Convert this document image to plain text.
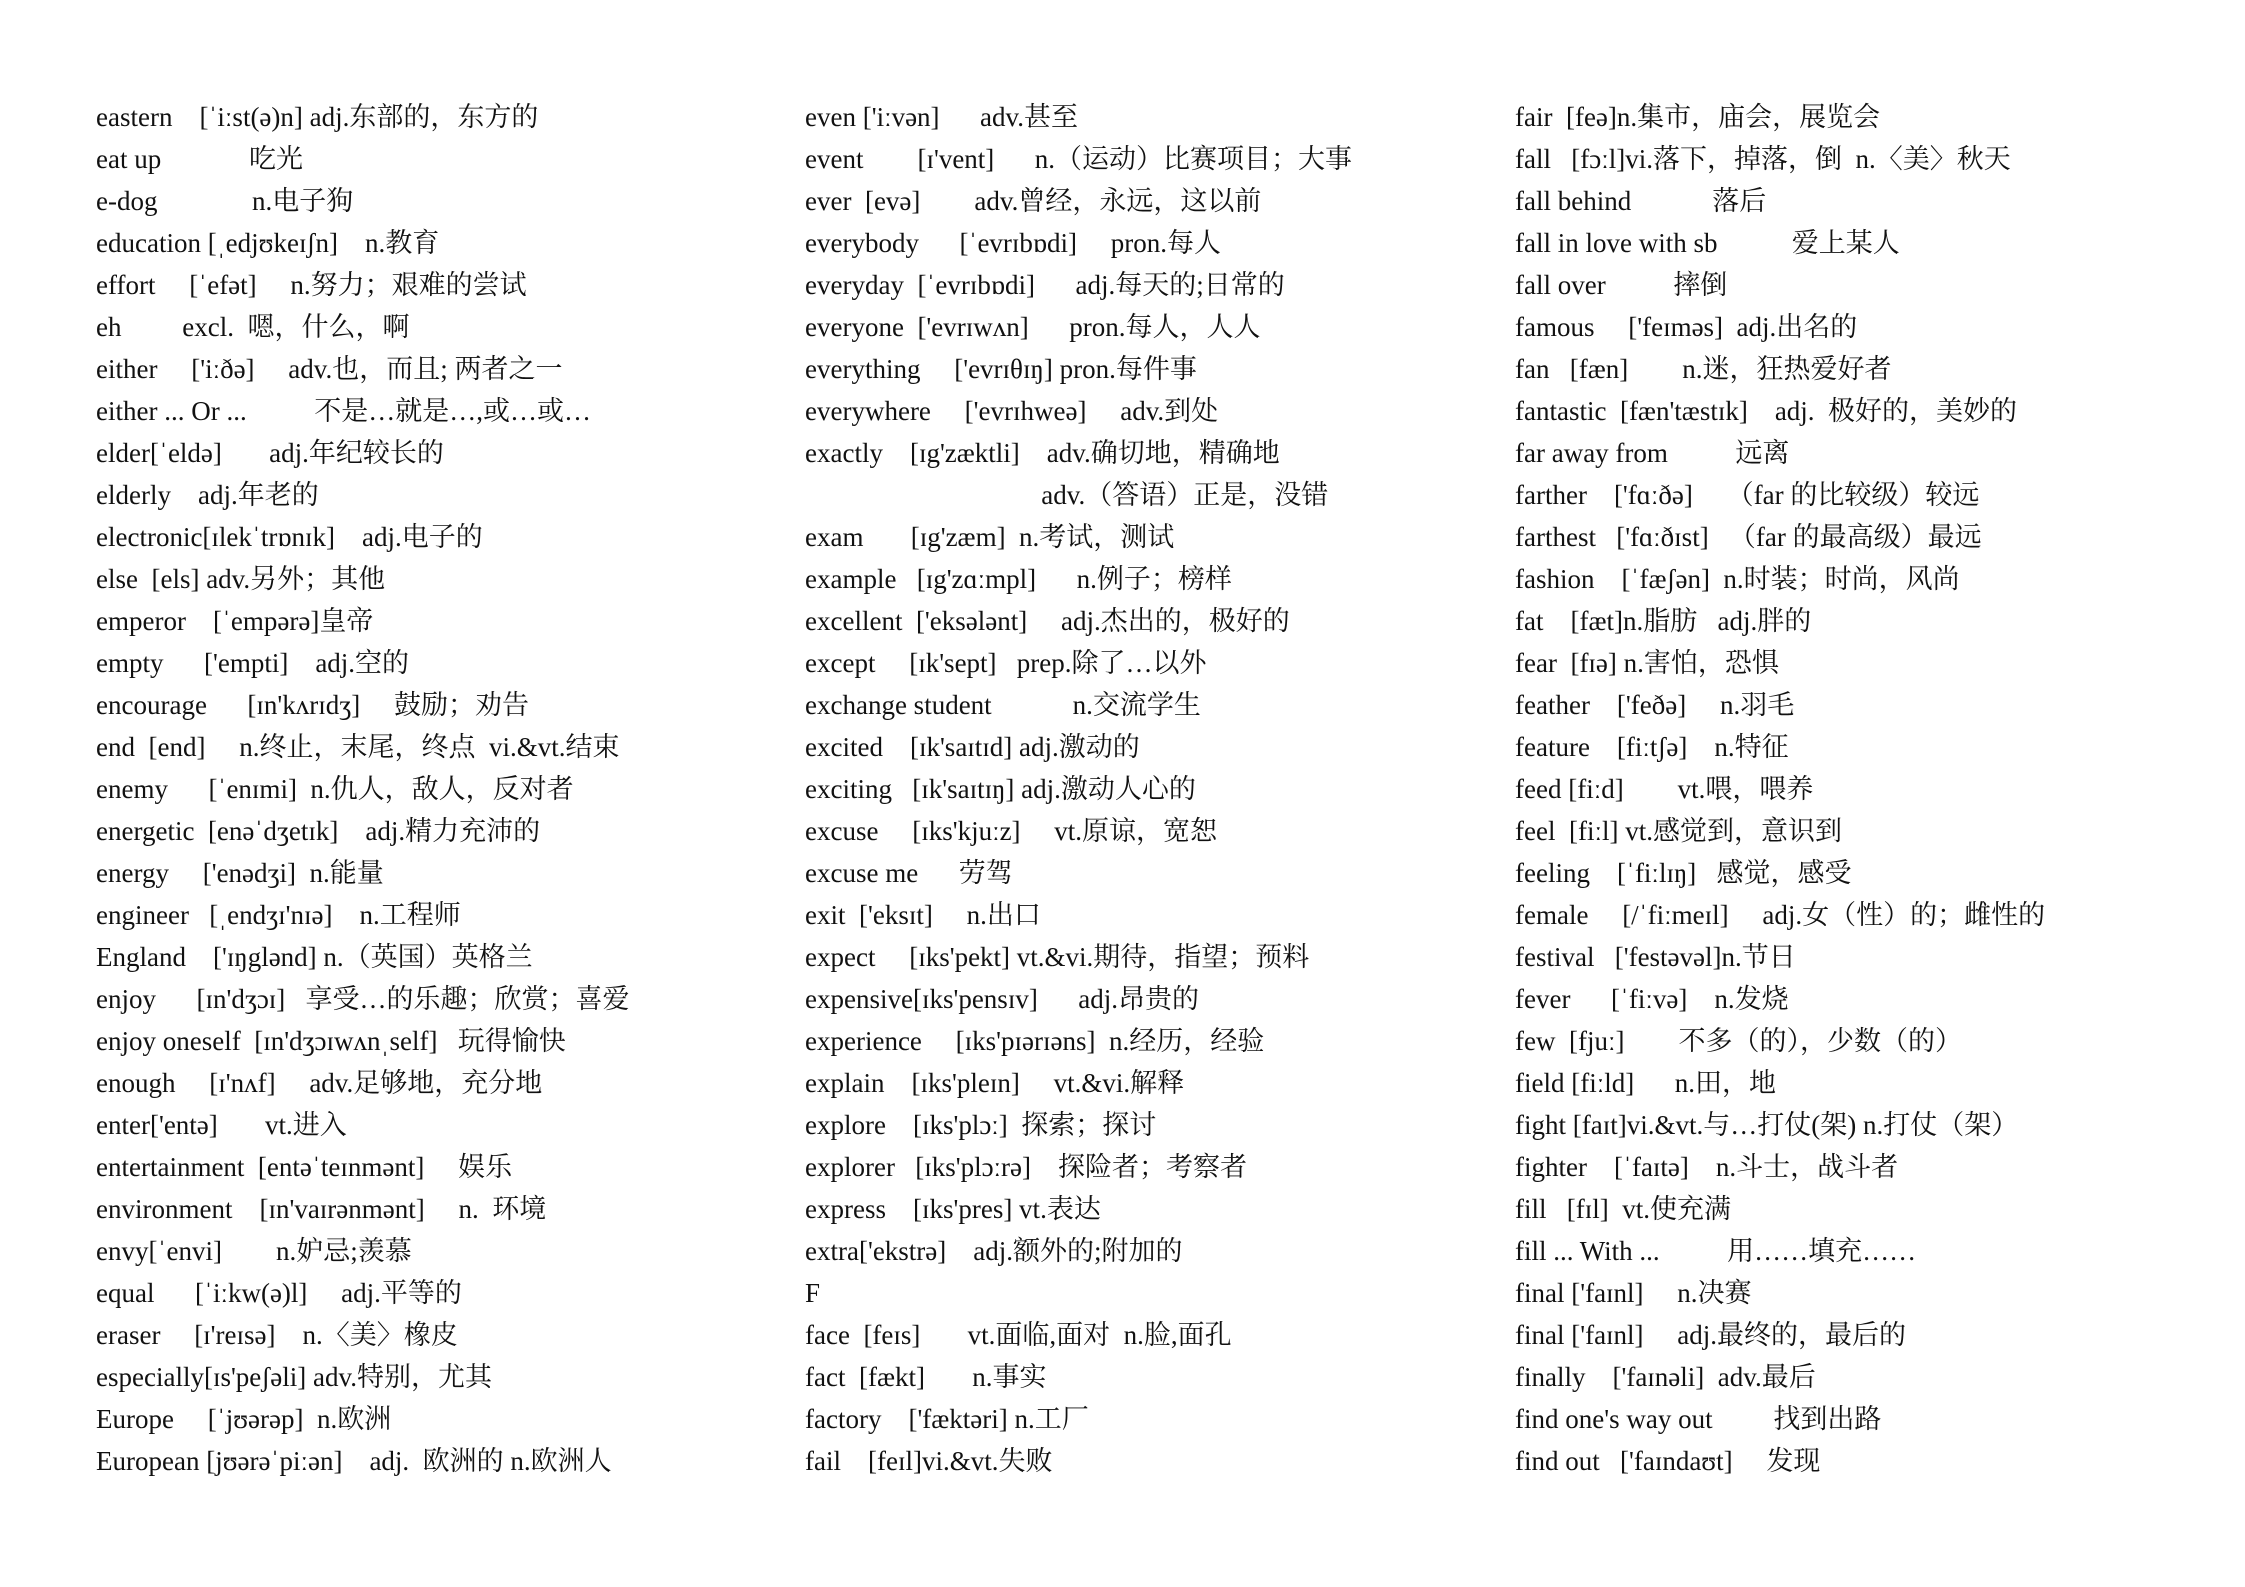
eastern    [ˈiːst(ə)n] adj.东部的，东方的
eat up             吃光
e-dog              n.电子狗
education [ˌedjʊkeɪʃn]    n.教育
effort     [ˈefət]     n.努力；艰难的尝试
eh         excl.  嗯，什么，啊
either     ['iːðə]     adv.也，而且; 两者之一
either ... Or ...          不是…就是…,或…或…
elder[ˈeldə]       adj.年纪较长的
elderly    adj.年老的
electronic[ɪlekˈtrɒnɪk]    adj.电子的
else  [els] adv.另外；其他
emperor    [ˈempərə]皇帝
empty      ['empti]    adj.空的
encourage      [ɪn'kʌrɪdʒ]     鼓励；劝告
end  [end]     n.终止，末尾，终点  vi.&vt.结束
enemy      [ˈenɪmi]  n.仇人，敌人，反对者
energetic  [enəˈdʒetɪk]    adj.精力充沛的
energy     ['enədʒi]  n.能量
engineer   [ˌendʒɪ'nɪə]    n.工程师
England    ['ɪŋglənd] n.（英国）英格兰
enjoy      [ɪn'dʒɔɪ]   享受…的乐趣；欣赏；喜爱
enjoy oneself  [ɪn'dʒɔɪwʌnˌself]   玩得愉快
enough     [ɪ'nʌf]     adv.足够地，充分地
enter['entə]       vt.进入
entertainment  [entəˈteɪnmənt]     娱乐
environment    [ɪn'vaɪrənmənt]     n.  环境
envy[ˈenvi]        n.妒忌;羡慕
equal      [ˈiːkw(ə)l]     adj.平等的
eraser     [ɪ'reɪsə]    n.〈美〉橡皮
especially[ɪs'peʃəli] adv.特别，尤其
Europe     [ˈjʊərəp]  n.欧洲
European [jʊərəˈpiːən]    adj.  欧洲的 n.欧洲人
even ['iːvən]      adv.甚至
event        [ɪ'vent]      n.（运动）比赛项目；大事
ever  [evə]        adv.曾经，永远，这以前
everybody      [ˈevrɪbɒdi]     pron.每人
everyday  [ˈevrɪbɒdi]      adj.每天的;日常的
everyone  ['evrɪwʌn]      pron.每人，人人
everything     ['evrɪθɪŋ] pron.每件事
everywhere     ['evrɪhweə]     adv.到处
exactly    [ɪg'zæktli]    adv.确切地，精确地
adv.（答语）正是，没错
exam       [ɪg'zæm]  n.考试，测试
example   [ɪg'zɑːmpl]      n.例子；榜样
excellent  ['eksələnt]     adj.杰出的，极好的
except     [ɪk'sept]   prep.除了…以外
exchange student            n.交流学生
excited    [ɪk'saɪtɪd] adj.激动的
exciting   [ɪk'saɪtɪŋ] adj.激动人心的
excuse     [ɪks'kjuːz]     vt.原谅，宽恕
excuse me      劳驾
exit  ['eksɪt]     n.出口
expect     [ɪks'pekt] vt.&vi.期待，指望；预料
expensive[ɪks'pensɪv]      adj.昂贵的
experience     [ɪks'pɪərɪəns]  n.经历，经验
explain    [ɪks'pleɪn]     vt.&vi.解释
explore    [ɪks'plɔː]  探索；探讨
explorer   [ɪks'plɔːrə]    探险者；考察者
express    [ɪks'pres] vt.表达
extra['ekstrə]    adj.额外的;附加的
F
face  [feɪs]       vt.面临,面对  n.脸,面孔
fact  [fækt]       n.事实
factory    ['fæktəri] n.工厂
fail    [feɪl]vi.&vt.失败
fair  [feə]n.集市，庙会，展览会
fall   [fɔːl]vi.落下，掉落，倒  n.〈美〉秋天
fall behind            落后
fall in love with sb           爱上某人
fall over          摔倒
famous     ['feɪməs]  adj.出名的
fan   [fæn]        n.迷，狂热爱好者
fantastic  [fæn'tæstɪk]    adj.  极好的，美妙的
far away from          远离
farther    ['fɑːðə]     （far 的比较级）较远
farthest   ['fɑːðɪst]   （far 的最高级）最远
fashion    [ˈfæʃən]  n.时装；时尚，风尚
fat    [fæt]n.脂肪   adj.胖的
fear  [fɪə] n.害怕，恐惧
feather    ['feðə]     n.羽毛
feature    [fiːtʃə]    n.特征
feed [fiːd]        vt.喂，喂养
feel  [fiːl] vt.感觉到，意识到
feeling    [ˈfiːlɪŋ]   感觉，感受
female     [/ˈfiːmeɪl]     adj.女（性）的；雌性的
festival   ['festəvəl]n.节日
fever      [ˈfiːvə]    n.发烧
few  [fjuː]        不多（的），少数（的）
field [fiːld]      n.田，地
fight [faɪt]vi.&vt.与…打仗(架) n.打仗（架）
fighter    [ˈfaɪtə]    n.斗士，战斗者
fill   [fɪl]  vt.使充满
fill ... With ...          用……填充……
final ['faɪnl]     n.决赛
final ['faɪnl]     adj.最终的，最后的
finally    ['faɪnəli]  adv.最后
find one's way out         找到出路
find out   ['faɪndaʊt]     发现
